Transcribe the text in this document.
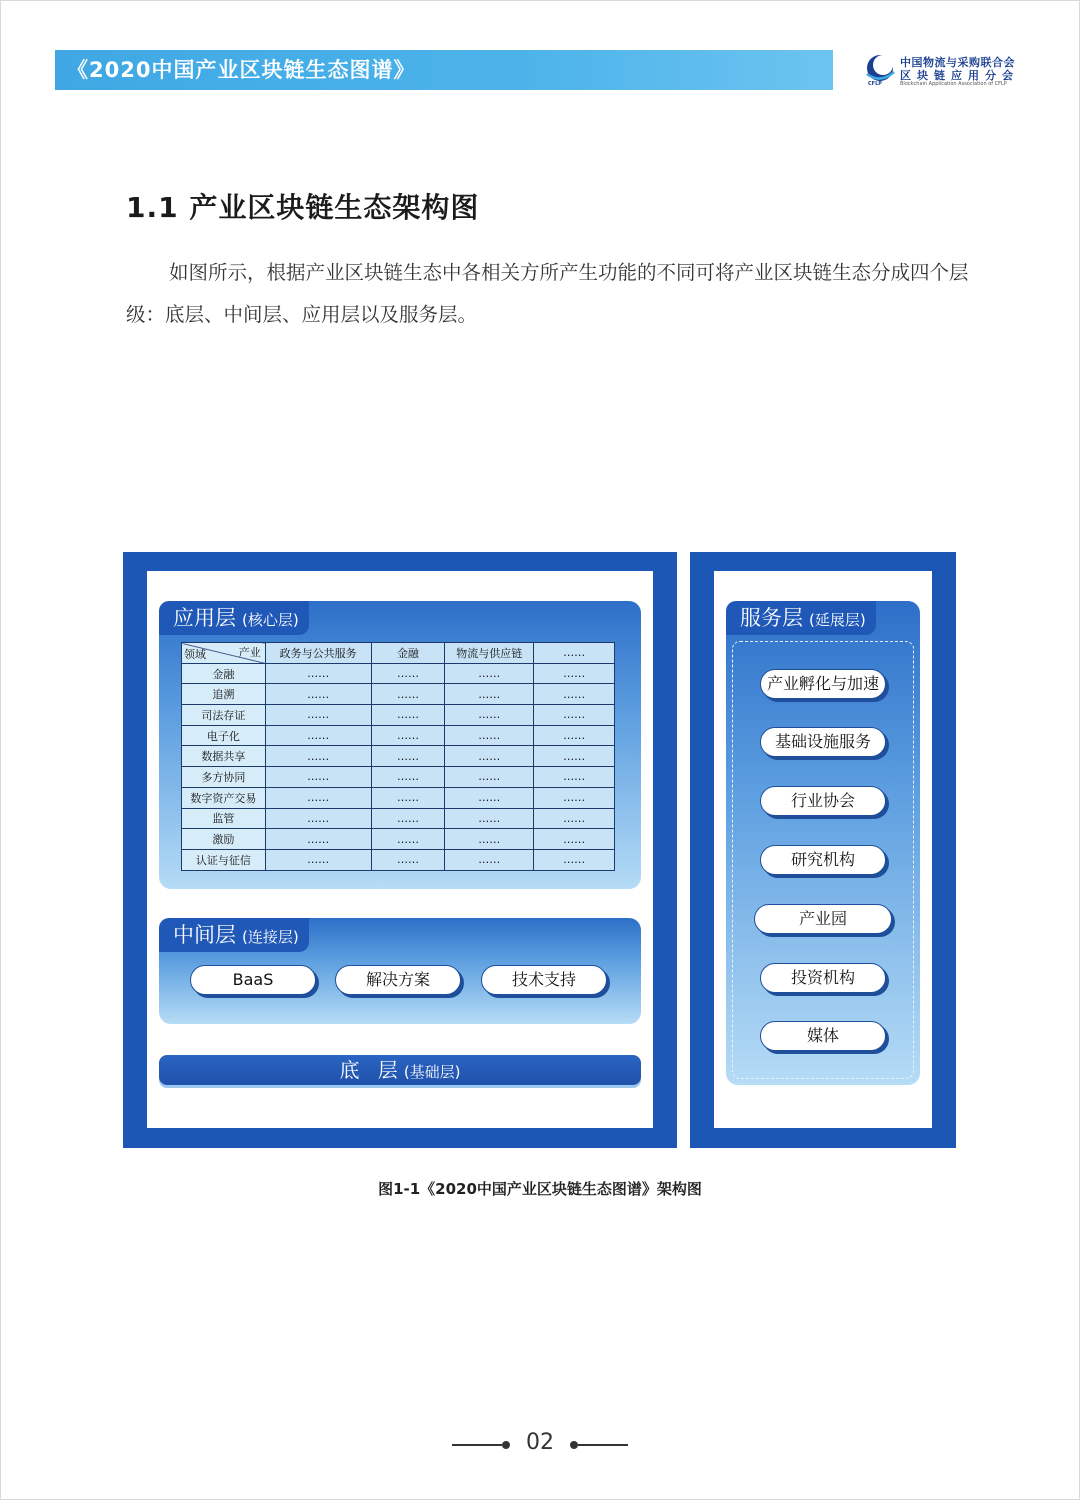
《2020中国产业区块链生态图谱》	中国物流与采购联合会
区块链应用分会
CFLP	Blockchain Application Association of CFLP
1.1 产业区块链生态架构图
如图所示，根据产业区块链生态中各相关方所产生功能的不同可将产业区块链生态分成四个层级：底层、中间层、应用层以及服务层。
应用层 (核心层)
产业
领域	政务与公共服务	金融	物流与供应链	……
金融	……	……	……	……
追溯	……	……	……	……
司法存证	……	……	……	……
电子化	……	……	……	……
数据共享	……	……	……	……
多方协同	……	……	……	……
数字资产交易	……	……	……	……
监管	……	……	……	……
激励	……	……	……	……
认证与征信	……	……	……	……
中间层 (连接层)
BaaS	解决方案	技术支持
底 层(基础层)
服务层 (延展层)
产业孵化与加速
基础设施服务
行业协会
研究机构
产业园
投资机构
媒体
图1-1《2020中国产业区块链生态图谱》架构图
02
